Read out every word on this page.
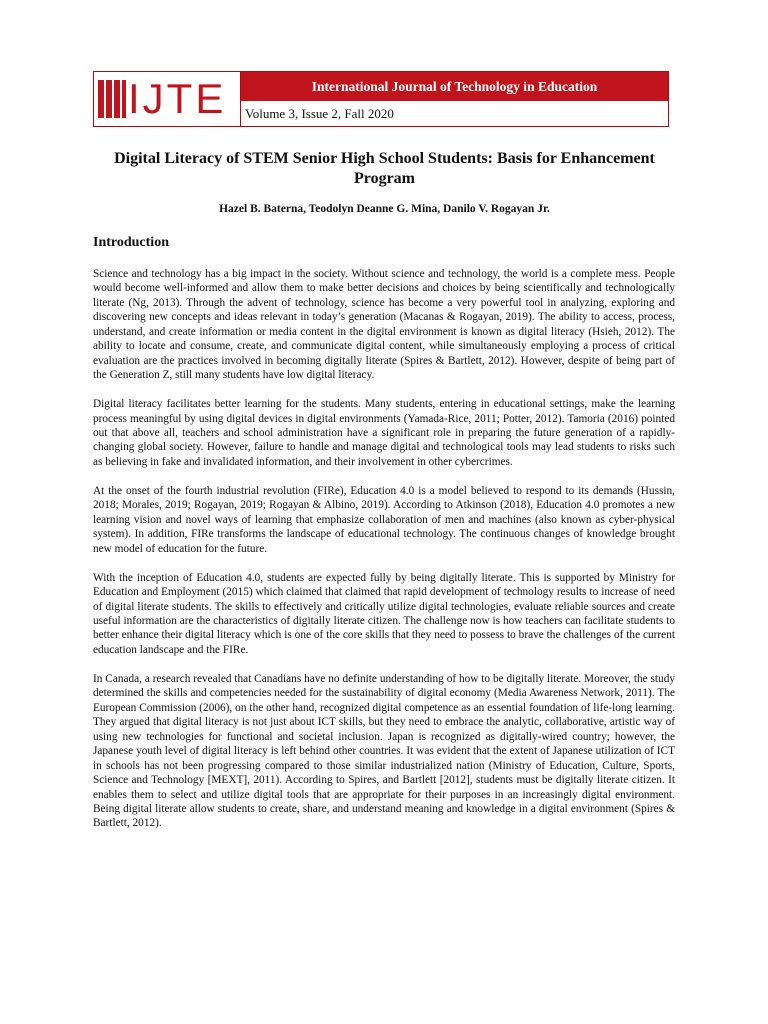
IJTE	International Journal of Technology in Education
Volume 3, Issue 2, Fall 2020
Digital Literacy of STEM Senior High School Students: Basis for Enhancement Program
Hazel B. Baterna, Teodolyn Deanne G. Mina, Danilo V. Rogayan Jr.
Introduction

Science and technology has a big impact in the society. Without science and technology, the world is a complete mess. People would become well-informed and allow them to make better decisions and choices by being scientifically and technologically literate (Ng, 2013). Through the advent of technology, science has become a very powerful tool in analyzing, exploring and discovering new concepts and ideas relevant in today’s generation (Macanas & Rogayan, 2019). The ability to access, process, understand, and create information or media content in the digital environment is known as digital literacy (Hsieh, 2012). The ability to locate and consume, create, and communicate digital content, while simultaneously employing a process of critical evaluation are the practices involved in becoming digitally literate (Spires & Bartlett, 2012). However, despite of being part of the Generation Z, still many students have low digital literacy.

Digital literacy facilitates better learning for the students. Many students, entering in educational settings, make the learning process meaningful by using digital devices in digital environments (Yamada-Rice, 2011; Potter, 2012). Tamoria (2016) pointed out that above all, teachers and school administration have a significant role in preparing the future generation of a rapidly-changing global society. However, failure to handle and manage digital and technological tools may lead students to risks such as believing in fake and invalidated information, and their involvement in other cybercrimes.

At the onset of the fourth industrial revolution (FIRe), Education 4.0 is a model believed to respond to its demands (Hussin, 2018; Morales, 2019; Rogayan, 2019; Rogayan & Albino, 2019). According to Atkinson (2018), Education 4.0 promotes a new learning vision and novel ways of learning that emphasize collaboration of men and machines (also known as cyber-physical system). In addition, FIRe transforms the landscape of educational technology. The continuous changes of knowledge brought new model of education for the future.

With the inception of Education 4.0, students are expected fully by being digitally literate. This is supported by Ministry for Education and Employment (2015) which claimed that claimed that rapid development of technology results to increase of need of digital literate students. The skills to effectively and critically utilize digital technologies, evaluate reliable sources and create useful information are the characteristics of digitally literate citizen. The challenge now is how teachers can facilitate students to better enhance their digital literacy which is one of the core skills that they need to possess to brave the challenges of the current education landscape and the FIRe.

In Canada, a research revealed that Canadians have no definite understanding of how to be digitally literate. Moreover, the study determined the skills and competencies needed for the sustainability of digital economy (Media Awareness Network, 2011). The European Commission (2006), on the other hand, recognized digital competence as an essential foundation of life-long learning. They argued that digital literacy is not just about ICT skills, but they need to embrace the analytic, collaborative, artistic way of using new technologies for functional and societal inclusion. Japan is recognized as digitally-wired country; however, the Japanese youth level of digital literacy is left behind other countries. It was evident that the extent of Japanese utilization of ICT in schools has not been progressing compared to those similar industrialized nation (Ministry of Education, Culture, Sports, Science and Technology [MEXT], 2011). According to Spires, and Bartlett [2012], students must be digitally literate citizen. It enables them to select and utilize digital tools that are appropriate for their purposes in an increasingly digital environment. Being digital literate allow students to create, share, and understand meaning and knowledge in a digital environment (Spires & Bartlett, 2012).
